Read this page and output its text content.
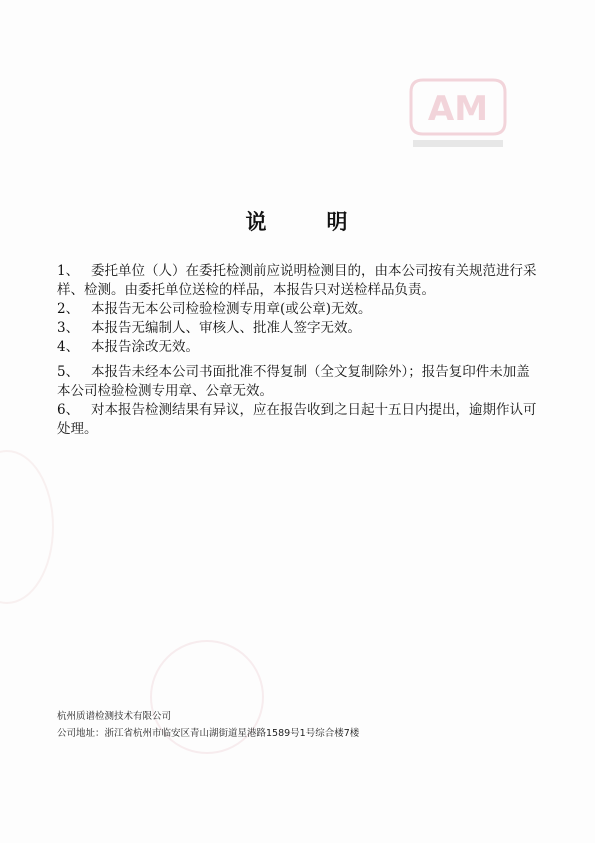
AM
说	明

1、 委托单位（人）在委托检测前应说明检测目的，由本公司按有关规范进行采样、检测。由委托单位送检的样品，本报告只对送检样品负责。

2、 本报告无本公司检验检测专用章(或公章)无效。

3、 本报告无编制人、审核人、批准人签字无效。

4、 本报告涂改无效。

5、 本报告未经本公司书面批准不得复制（全文复制除外）；报告复印件未加盖本公司检验检测专用章、公章无效。

6、 对本报告检测结果有异议，应在报告收到之日起十五日内提出，逾期作认可处理。

杭州质谱检测技术有限公司
公司地址：浙江省杭州市临安区青山湖街道星港路1589号1号综合楼7楼
